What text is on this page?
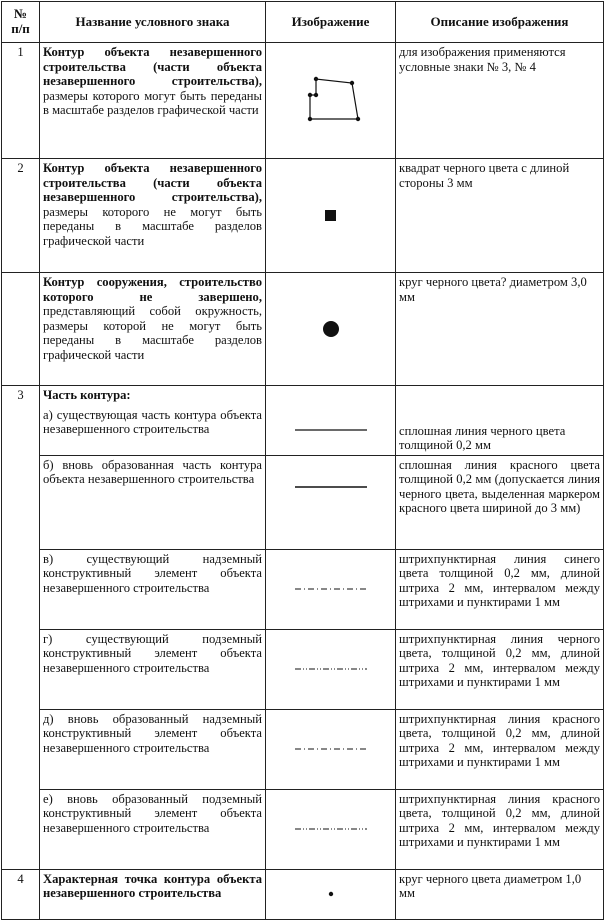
№
п/п	Название условного знака	Изображение	Описание изображения
1	Контур объекта незавершенного строительства (части объекта незавершенного строительства), размеры которого могут быть переданы в масштабе разделов графической части		для изображения применяются условные знаки № 3, № 4
2	Контур объекта незавершенного строительства (части объекта незавершенного строительства), размеры которого не могут быть переданы в масштабе разделов графической части		квадрат черного цвета с длиной стороны 3 мм
	Контур сооружения, строительство которого не завершено, представляющий собой окружность, размеры которой не могут быть переданы в масштабе разделов графической части		круг черного цвета? диаметром 3,0 мм
3	Часть контура:		
	а) существующая часть контура объекта незавершенного строительства		сплошная линия черного цвета толщиной 0,2 мм
	б) вновь образованная часть контура объекта незавершенного строительства		сплошная линия красного цвета толщиной 0,2 мм (допускается линия черного цвета, выделенная маркером красного цвета шириной до 3 мм)
	в) существующий надземный конструктивный элемент объекта незавершенного строительства		штрихпунктирная линия синего цвета толщиной 0,2 мм, длиной штриха 2 мм, интервалом между штрихами и пунктирами 1 мм
	г) существующий подземный конструктивный элемент объекта незавершенного строительства		штрихпунктирная линия черного цвета, толщиной 0,2 мм, длиной штриха 2 мм, интервалом между штрихами и пунктирами 1 мм
	д) вновь образованный надземный конструктивный элемент объекта незавершенного строительства		штрихпунктирная линия красного цвета, толщиной 0,2 мм, длиной штриха 2 мм, интервалом между штрихами и пунктирами 1 мм
	е) вновь образованный подземный конструктивный элемент объекта незавершенного строительства		штрихпунктирная линия красного цвета, толщиной 0,2 мм, длиной штриха 2 мм, интервалом между штрихами и пунктирами 1 мм
4	Характерная точка контура объекта незавершенного строительства		круг черного цвета диаметром 1,0 мм
